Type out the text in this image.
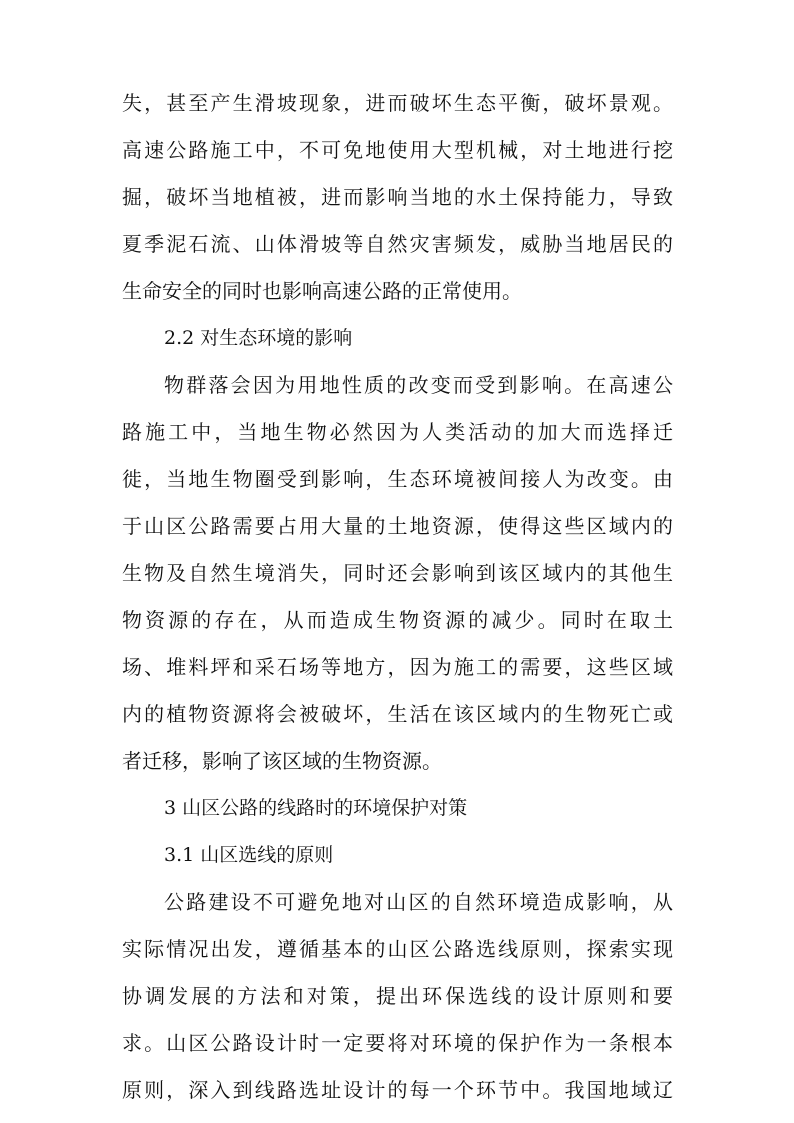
失，甚至产生滑坡现象，进而破坏生态平衡，破坏景观。
高速公路施工中，不可免地使用大型机械，对土地进行挖
掘，破坏当地植被，进而影响当地的水土保持能力，导致
夏季泥石流、山体滑坡等自然灾害频发，威胁当地居民的
生命安全的同时也影响高速公路的正常使用。
2.2 对生态环境的影响
物群落会因为用地性质的改变而受到影响。在高速公
路施工中，当地生物必然因为人类活动的加大而选择迁
徙，当地生物圈受到影响，生态环境被间接人为改变。由
于山区公路需要占用大量的土地资源，使得这些区域内的
生物及自然生境消失，同时还会影响到该区域内的其他生
物资源的存在，从而造成生物资源的减少。同时在取土
场、堆料坪和采石场等地方，因为施工的需要，这些区域
内的植物资源将会被破坏，生活在该区域内的生物死亡或
者迁移，影响了该区域的生物资源。
3 山区公路的线路时的环境保护对策
3.1 山区选线的原则
公路建设不可避免地对山区的自然环境造成影响，从
实际情况出发，遵循基本的山区公路选线原则，探索实现
协调发展的方法和对策，提出环保选线的设计原则和要
求。山区公路设计时一定要将对环境的保护作为一条根本
原则，深入到线路选址设计的每一个环节中。我国地域辽
